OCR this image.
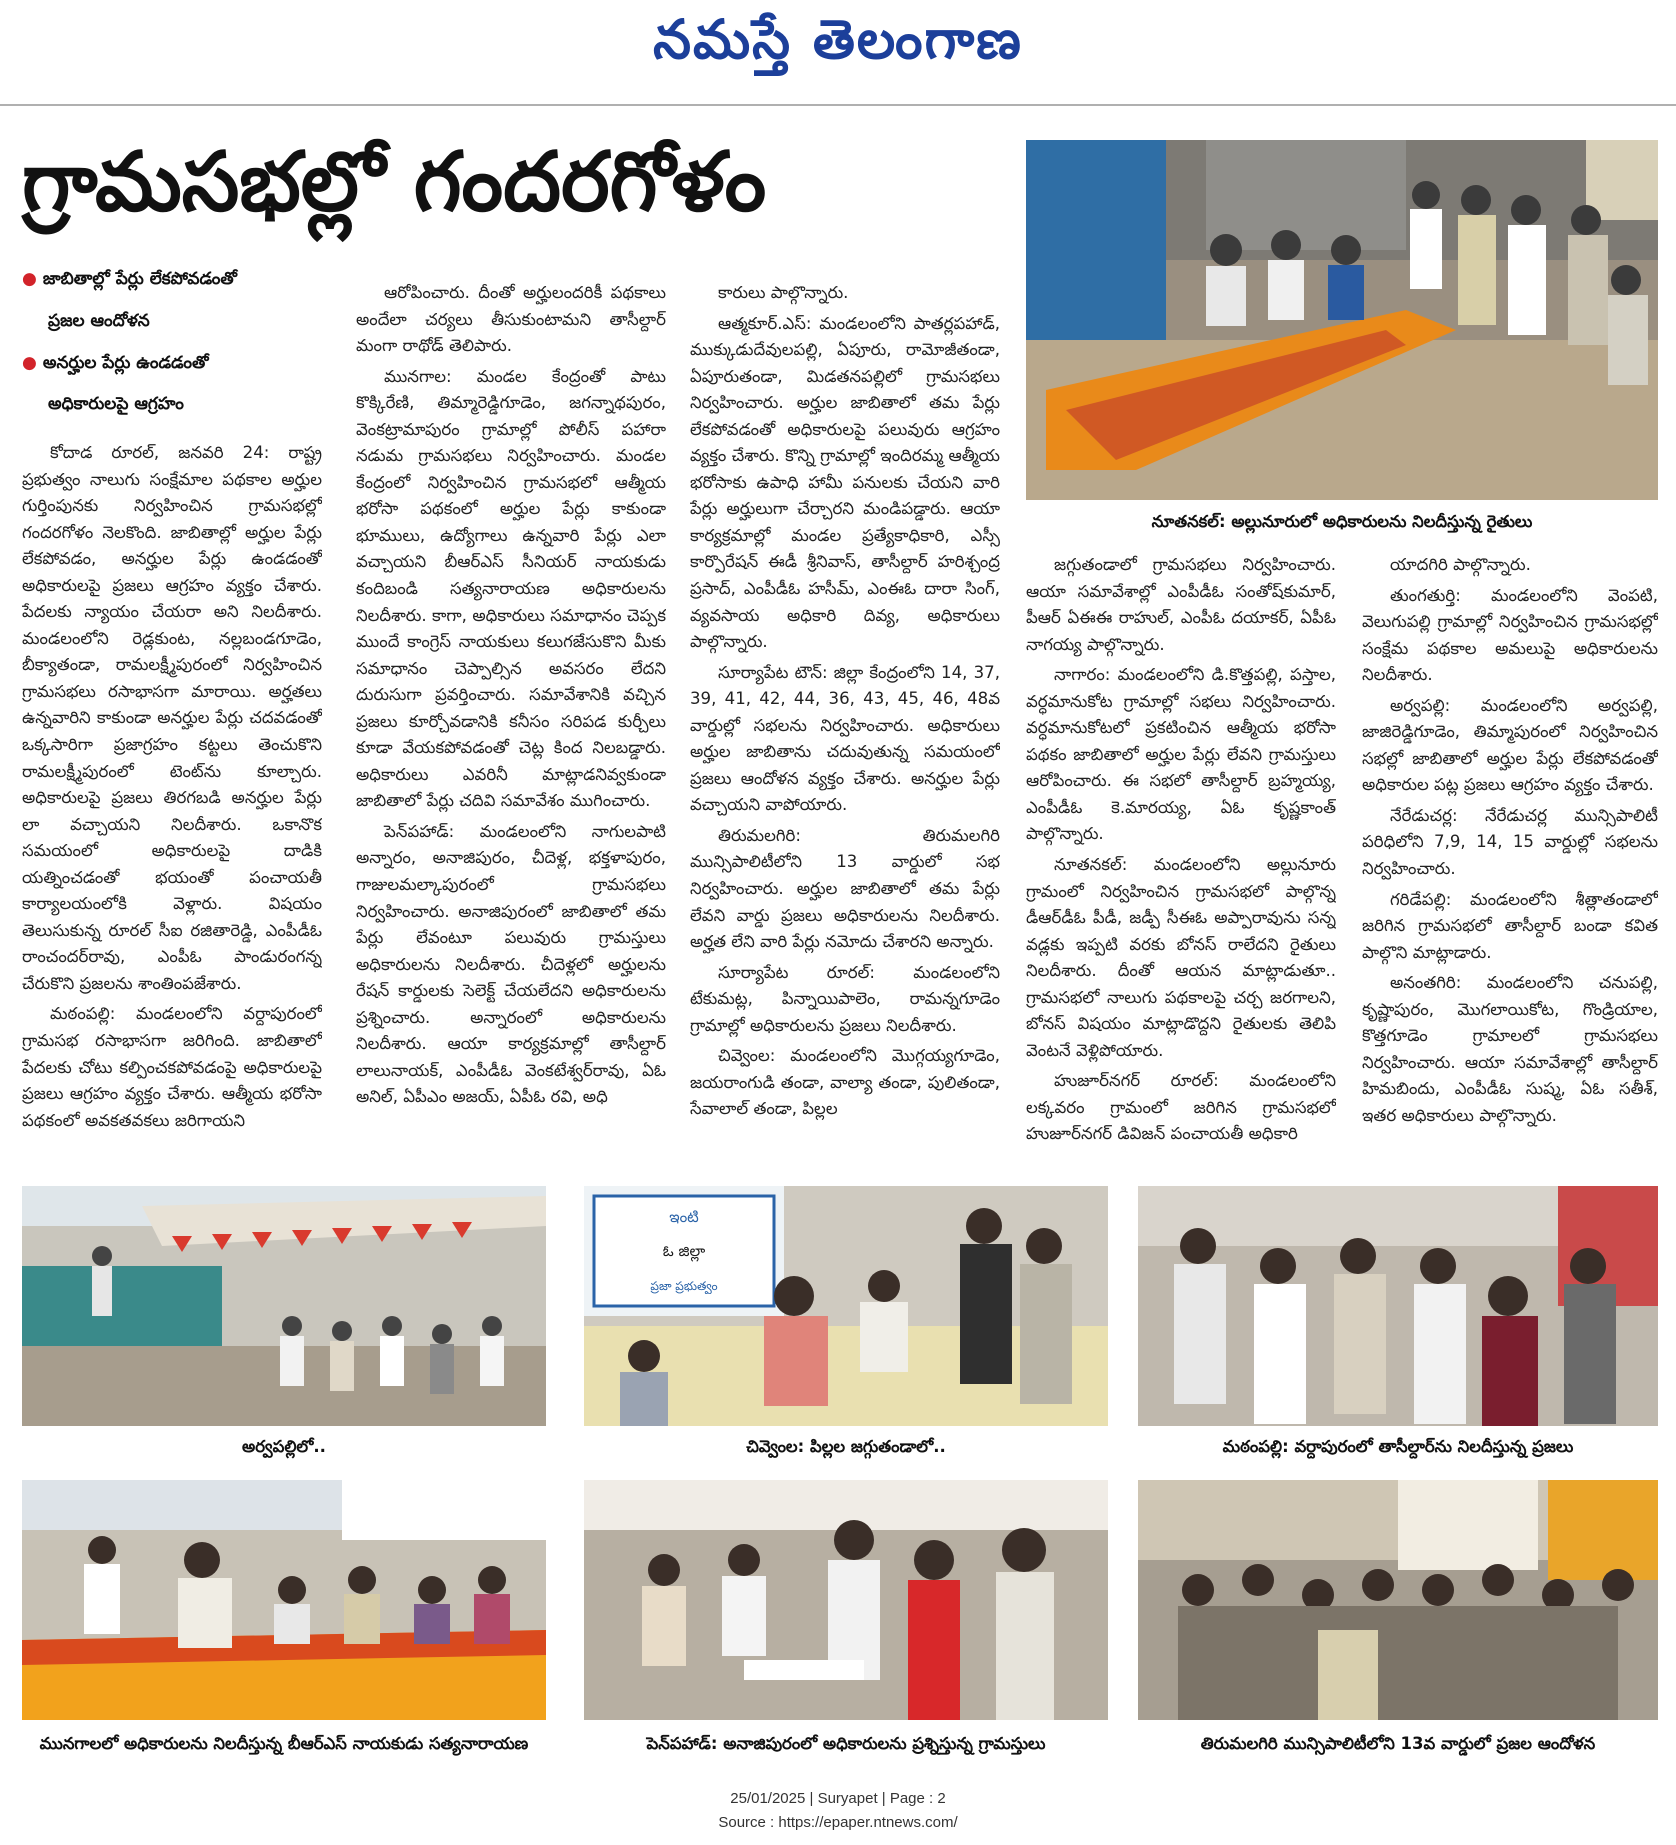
నమస్తే తెలంగాణ
గ్రామసభల్లో గందరగోళం
● జాబితాల్లో పేర్లు లేకపోవడంతో
ప్రజల ఆందోళన
● అనర్హుల పేర్లు ఉండడంతో
అధికారులపై ఆగ్రహం

కోదాడ రూరల్‌, జనవరి 24: రాష్ట్ర ప్రభుత్వం నాలుగు సంక్షేమాల పథకాల అర్హుల గుర్తింపునకు నిర్వహించిన గ్రామసభల్లో గందరగోళం నెలకొంది. జాబితాల్లో అర్హుల పేర్లు లేకపోవడం, అనర్హుల పేర్లు ఉండడంతో అధికారులపై ప్రజలు ఆగ్రహం వ్యక్తం చేశారు. పేదలకు న్యాయం చేయరా అని నిలదీశారు. మండలంలోని రెడ్లకుంట, నల్లబండగూడెం, బీక్యాతండా, రామలక్ష్మీపురంలో నిర్వహించిన గ్రామసభలు రసాభాసగా మారాయి. అర్హతలు ఉన్నవారిని కాకుండా అనర్హుల పేర్లు చదవడంతో ఒక్కసారిగా ప్రజాగ్రహం కట్టలు తెంచుకొని రామలక్ష్మీపురంలో టెంట్‌ను కూల్చారు. అధికారులపై ప్రజలు తిరగబడి అనర్హుల పేర్లు లా వచ్చాయని నిలదీశారు. ఒకానొక సమయంలో అధికారులపై దాడికి యత్నించడంతో భయంతో పంచాయతీ కార్యాలయంలోకి వెళ్లారు. విషయం తెలుసుకున్న రూరల్‌ సీఐ రజితారెడ్డి, ఎంపీడీఓ రాంచందర్‌రావు, ఎంపీఓ పాండురంగన్న చేరుకొని ప్రజలను శాంతింపజేశారు.

మఠంపల్లి: మండలంలోని వర్దాపురంలో గ్రామసభ రసాభాసగా జరిగింది. జాబితాలో పేదలకు చోటు కల్పించకపోవడంపై అధికారులపై ప్రజలు ఆగ్రహం వ్యక్తం చేశారు. ఆత్మీయ భరోసా పథకంలో అవకతవకలు జరిగాయని

ఆరోపించారు. దీంతో అర్హులందరికీ పథకాలు అందేలా చర్యలు తీసుకుంటామని తాసీల్దార్‌ మంగా రాథోడ్‌ తెలిపారు.

మునగాల: మండల కేంద్రంతో పాటు కొక్కిరేణి, తిమ్మారెడ్డిగూడెం, జగన్నాథపురం, వెంకట్రామాపురం గ్రామాల్లో పోలీస్‌ పహారా నడుమ గ్రామసభలు నిర్వహించారు. మండల కేంద్రంలో నిర్వహించిన గ్రామసభలో ఆత్మీయ భరోసా పథకంలో అర్హుల పేర్లు కాకుండా భూములు, ఉద్యోగాలు ఉన్నవారి పేర్లు ఎలా వచ్చాయని బీఆర్‌ఎస్‌ సీనియర్‌ నాయకుడు కందిబండి సత్యనారాయణ అధికారులను నిలదీశారు. కాగా, అధికారులు సమాధానం చెప్పక ముందే కాంగ్రెస్‌ నాయకులు కలుగజేసుకొని మీకు సమాధానం చెప్పాల్సిన అవసరం లేదని దురుసుగా ప్రవర్తించారు. సమావేశానికి వచ్చిన ప్రజలు కూర్చోవడానికి కనీసం సరిపడ కుర్చీలు కూడా వేయకపోవడంతో చెట్ల కింద నిలబడ్డారు. అధికారులు ఎవరినీ మాట్లాడనివ్వకుండా జాబితాలో పేర్లు చదివి సమావేశం ముగించారు.

పెన్‌పహాడ్‌: మండలంలోని నాగులపాటి అన్నారం, అనాజిపురం, చీదెళ్ల, భక్తళాపురం, గాజులమల్కాపురంలో గ్రామసభలు నిర్వహించారు. అనాజిపురంలో జాబితాలో తమ పేర్లు లేవంటూ పలువురు గ్రామస్తులు అధికారులను నిలదీశారు. చీదెళ్లలో అర్హులను రేషన్‌ కార్డులకు సెలెక్ట్‌ చేయలేదని అధికారులను ప్రశ్నించారు. అన్నారంలో అధికారులను నిలదీశారు. ఆయా కార్యక్రమాల్లో తాసీల్దార్‌ లాలునాయక్‌, ఎంపీడీఓ వెంకటేశ్వర్‌రావు, ఏఓ అనిల్‌, ఏపీఎం అజయ్‌, ఏపీఓ రవి, అధి

కారులు పాల్గొన్నారు.

ఆత్మకూర్‌.ఎస్‌: మండలంలోని పాతర్లపహాడ్‌, ముక్కుడుదేవులపల్లి, ఏపూరు, రామోజీతండా, ఏపూరుతండా, మిడతనపల్లిలో గ్రామసభలు నిర్వహించారు. అర్హుల జాబితాలో తమ పేర్లు లేకపోవడంతో అధికారులపై పలువురు ఆగ్రహం వ్యక్తం చేశారు. కొన్ని గ్రామాల్లో ఇందిరమ్మ ఆత్మీయ భరోసాకు ఉపాధి హామీ పనులకు చేయని వారి పేర్లు అర్హులుగా చేర్చారని మండిపడ్డారు. ఆయా కార్యక్రమాల్లో మండల ప్రత్యేకాధికారి, ఎస్సీ కార్పొరేషన్‌ ఈడీ శ్రీనివాస్‌, తాసీల్దార్‌ హరిశ్చంద్ర ప్రసాద్‌, ఎంపీడీఓ హసీమ్‌, ఎంఈఓ దారా సింగ్‌, వ్యవసాయ అధికారి దివ్య, అధికారులు పాల్గొన్నారు.

సూర్యాపేట టౌన్‌: జిల్లా కేంద్రంలోని 14, 37, 39, 41, 42, 44, 36, 43, 45, 46, 48వ వార్డుల్లో సభలను నిర్వహించారు. అధికారులు అర్హుల జాబితాను చదువుతున్న సమయంలో ప్రజలు ఆందోళన వ్యక్తం చేశారు. అనర్హుల పేర్లు వచ్చాయని వాపోయారు.

తిరుమలగిరి: తిరుమలగిరి మున్సిపాలిటీలోని 13 వార్డులో సభ నిర్వహించారు. అర్హుల జాబితాలో తమ పేర్లు లేవని వార్డు ప్రజలు అధికారులను నిలదీశారు. అర్హత లేని వారి పేర్లు నమోదు చేశారని అన్నారు.

సూర్యాపేట రూరల్‌: మండలంలోని టేకుమట్ల, పిన్నాయిపాలెం, రామన్నగూడెం గ్రామాల్లో అధికారులను ప్రజలు నిలదీశారు.

చివ్వెంల: మండలంలోని మొగ్గయ్యగూడెం, జయరాంగుడి తండా, వాల్యా తండా, పులితండా, సేవాలాల్‌ తండా, పిల్లల

జగ్గుతండాలో గ్రామసభలు నిర్వహించారు. ఆయా సమావేశాల్లో ఎంపీడీఓ సంతోష్‌కుమార్‌, పీఆర్‌ ఏఈఈ రాహుల్‌, ఎంపీఓ దయాకర్‌, ఏపీఓ నాగయ్య పాల్గొన్నారు.

నాగారం: మండలంలోని డి.కొత్తపల్లి, పస్తాల, వర్ధమానుకోట గ్రామాల్లో సభలు నిర్వహించారు. వర్ధమానుకోటలో ప్రకటించిన ఆత్మీయ భరోసా పథకం జాబితాలో అర్హుల పేర్లు లేవని గ్రామస్తులు ఆరోపించారు. ఈ సభలో తాసీల్దార్‌ బ్రహ్మయ్య, ఎంపీడీఓ కె.మారయ్య, ఏఓ కృష్ణకాంత్‌ పాల్గొన్నారు.

నూతనకల్‌: మండలంలోని అల్లునూరు గ్రామంలో నిర్వహించిన గ్రామసభలో పాల్గొన్న డీఆర్‌డీఓ పీడీ, జడ్పీ సీఈఓ అప్పారావును సన్న వడ్లకు ఇప్పటి వరకు బోనస్‌ రాలేదని రైతులు నిలదీశారు. దీంతో ఆయన మాట్లాడుతూ.. గ్రామసభలో నాలుగు పథకాలపై చర్చ జరగాలని, బోనస్‌ విషయం మాట్లాడొద్దని రైతులకు తెలిపి వెంటనే వెళ్లిపోయారు.

హుజూర్‌నగర్‌ రూరల్‌: మండలంలోని లక్కవరం గ్రామంలో జరిగిన గ్రామసభలో హుజూర్‌నగర్‌ డివిజన్‌ పంచాయతీ అధికారి

యాదగిరి పాల్గొన్నారు.

తుంగతుర్తి: మండలంలోని వెంపటి, వెలుగుపల్లి గ్రామాల్లో నిర్వహించిన గ్రామసభల్లో సంక్షేమ పథకాల అమలుపై అధికారులను నిలదీశారు.

అర్వపల్లి: మండలంలోని అర్వపల్లి, జాజిరెడ్డిగూడెం, తిమ్మాపురంలో నిర్వహించిన సభల్లో జాబితాలో అర్హుల పేర్లు లేకపోవడంతో అధికారుల పట్ల ప్రజలు ఆగ్రహం వ్యక్తం చేశారు.

నేరేడుచర్ల: నేరేడుచర్ల మున్సిపాలిటీ పరిధిలోని 7,9, 14, 15 వార్డుల్లో సభలను నిర్వహించారు.

గరిడేపల్లి: మండలంలోని శీత్లాతండాలో జరిగిన గ్రామసభలో తాసీల్దార్‌ బండా కవిత పాల్గొని మాట్లాడారు.

అనంతగిరి: మండలంలోని చనుపల్లి, కృష్ణాపురం, మొగలాయికోట, గొండ్రియాల, కొత్తగూడెం గ్రామాలలో గ్రామసభలు నిర్వహించారు. ఆయా సమావేశాల్లో తాసీల్దార్‌ హిమబిందు, ఎంపీడీఓ సుష్మ, ఏఓ సతీశ్‌, ఇతర అధికారులు పాల్గొన్నారు.

నూతనకల్‌: అల్లునూరులో అధికారులను నిలదీస్తున్న రైతులు
ఇంటి
ఓ జిల్లా
ప్రజా ప్రభుత్వం
అర్వపల్లిలో..	చివ్వెంల: పిల్లల జగ్గుతండాలో..	మఠంపల్లి: వర్దాపురంలో తాసీల్దార్‌ను నిలదీస్తున్న ప్రజలు
మునగాలలో అధికారులను నిలదీస్తున్న బీఆర్‌ఎస్‌ నాయకుడు సత్యనారాయణ	పెన్‌పహాడ్‌: అనాజిపురంలో అధికారులను ప్రశ్నిస్తున్న గ్రామస్తులు	తిరుమలగిరి మున్సిపాలిటీలోని 13వ వార్డులో ప్రజల ఆందోళన
25/01/2025 | Suryapet | Page : 2
Source : https://epaper.ntnews.com/
